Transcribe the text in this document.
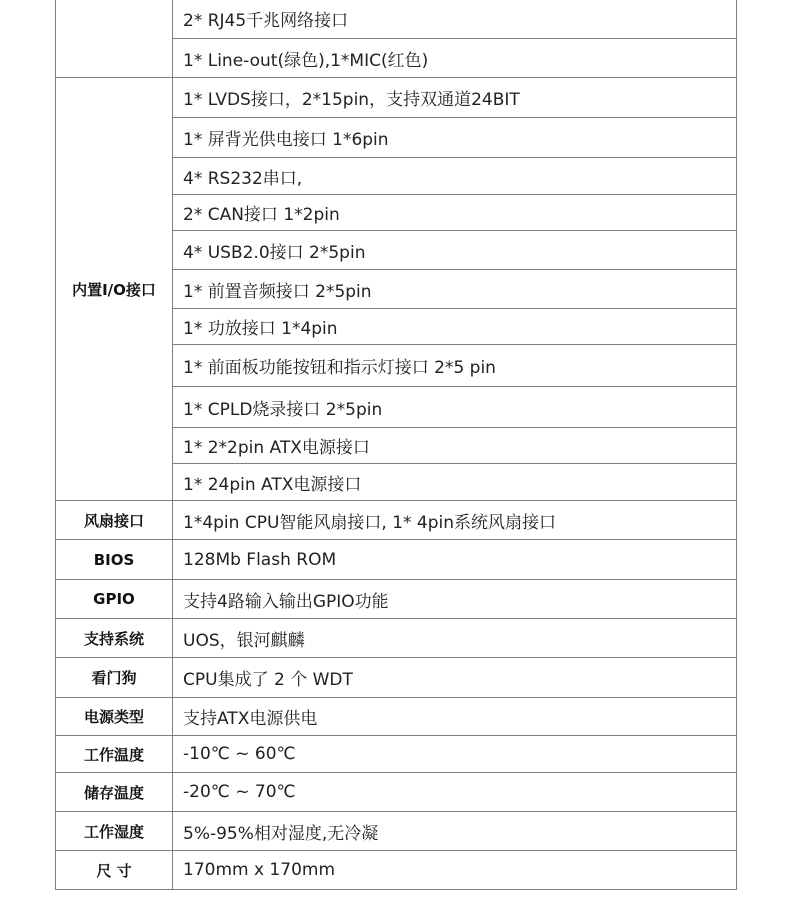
	2* RJ45千兆网络接口
	1* Line-out(绿色),1*MIC(红色)
内置I/O接口	1* LVDS接口，2*15pin，支持双通道24BIT
	1* 屏背光供电接口 1*6pin
	4* RS232串口,
	2* CAN接口 1*2pin
	4* USB2.0接口 2*5pin
	1* 前置音频接口 2*5pin
	1* 功放接口 1*4pin
	1* 前面板功能按钮和指示灯接口 2*5 pin
	1* CPLD烧录接口 2*5pin
	1* 2*2pin ATX电源接口
	1* 24pin ATX电源接口
风扇接口	1*4pin CPU智能风扇接口, 1* 4pin系统风扇接口
BIOS	128Mb Flash ROM
GPIO	支持4路输入输出GPIO功能
支持系统	UOS，银河麒麟
看门狗	CPU集成了 2 个 WDT
电源类型	支持ATX电源供电
工作温度	-10℃ ~ 60℃
储存温度	-20℃ ~ 70℃
工作湿度	5%-95%相对湿度,无冷凝
尺 寸	170mm x 170mm
